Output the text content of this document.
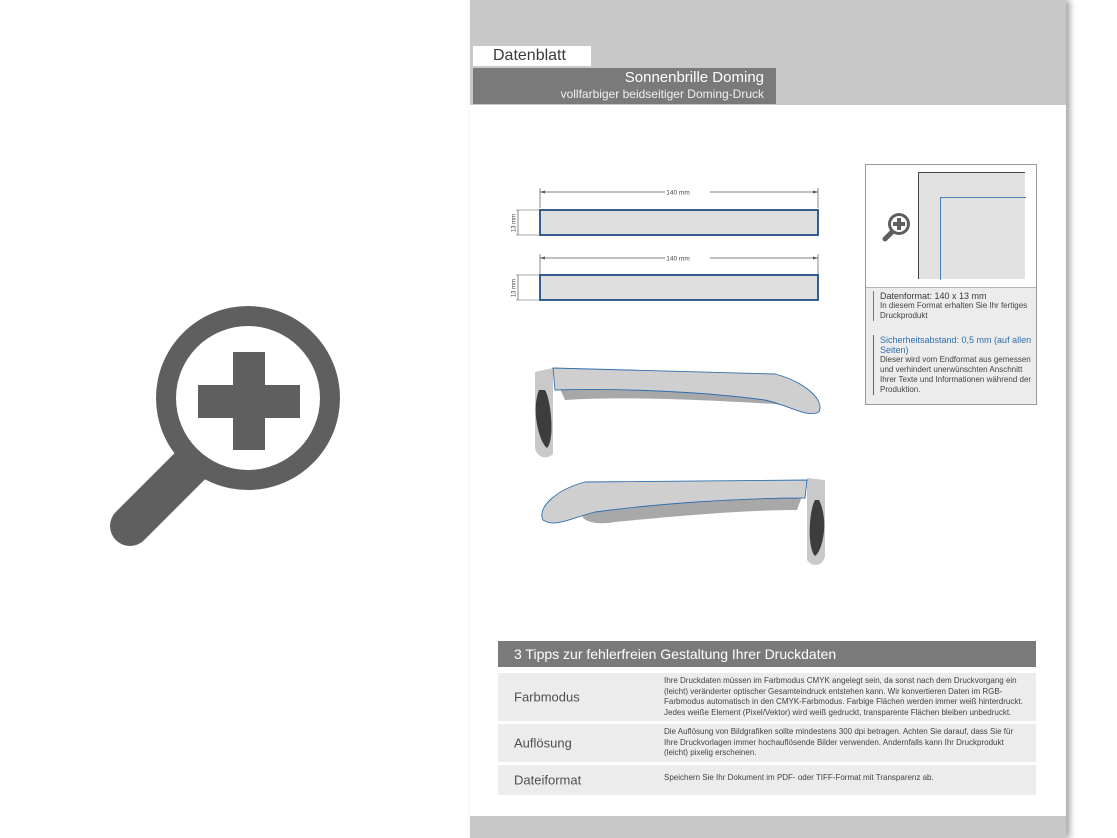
Datenblatt
Sonnenbrille Doming
vollfarbiger beidseitiger Doming-Druck
140 mm
13 mm
140 mm
13 mm	Datenformat: 140 x 13 mm
In diesem Format erhalten Sie Ihr fertiges Druckprodukt
Sicherheitsabstand: 0,5 mm (auf allen Seiten)
Dieser wird vom Endformat aus gemessen und verhindert unerwünschten Anschnitt Ihrer Texte und Informationen während der Produktion.
3 Tipps zur fehlerfreien Gestaltung Ihrer Druckdaten
Farbmodus
Ihre Druckdaten müssen im Farbmodus CMYK angelegt sein, da sonst nach dem Druckvorgang ein (leicht) veränderter optischer Gesamteindruck entstehen kann. Wir konvertieren Daten im RGB-Farbmodus automatisch in den CMYK-Farbmodus. Farbige Flächen werden immer weiß hinterdruckt. Jedes weiße Element (Pixel/Vektor) wird weiß gedruckt, transparente Flächen bleiben unbedruckt.
Auflösung
Die Auflösung von Bildgrafiken sollte mindestens 300 dpi betragen. Achten Sie darauf, dass Sie für Ihre Druckvorlagen immer hochauflösende Bilder verwenden. Andernfalls kann Ihr Druckprodukt (leicht) pixelig erscheinen.
Dateiformat	Speichern Sie Ihr Dokument im PDF- oder TIFF-Format mit Transparenz ab.
